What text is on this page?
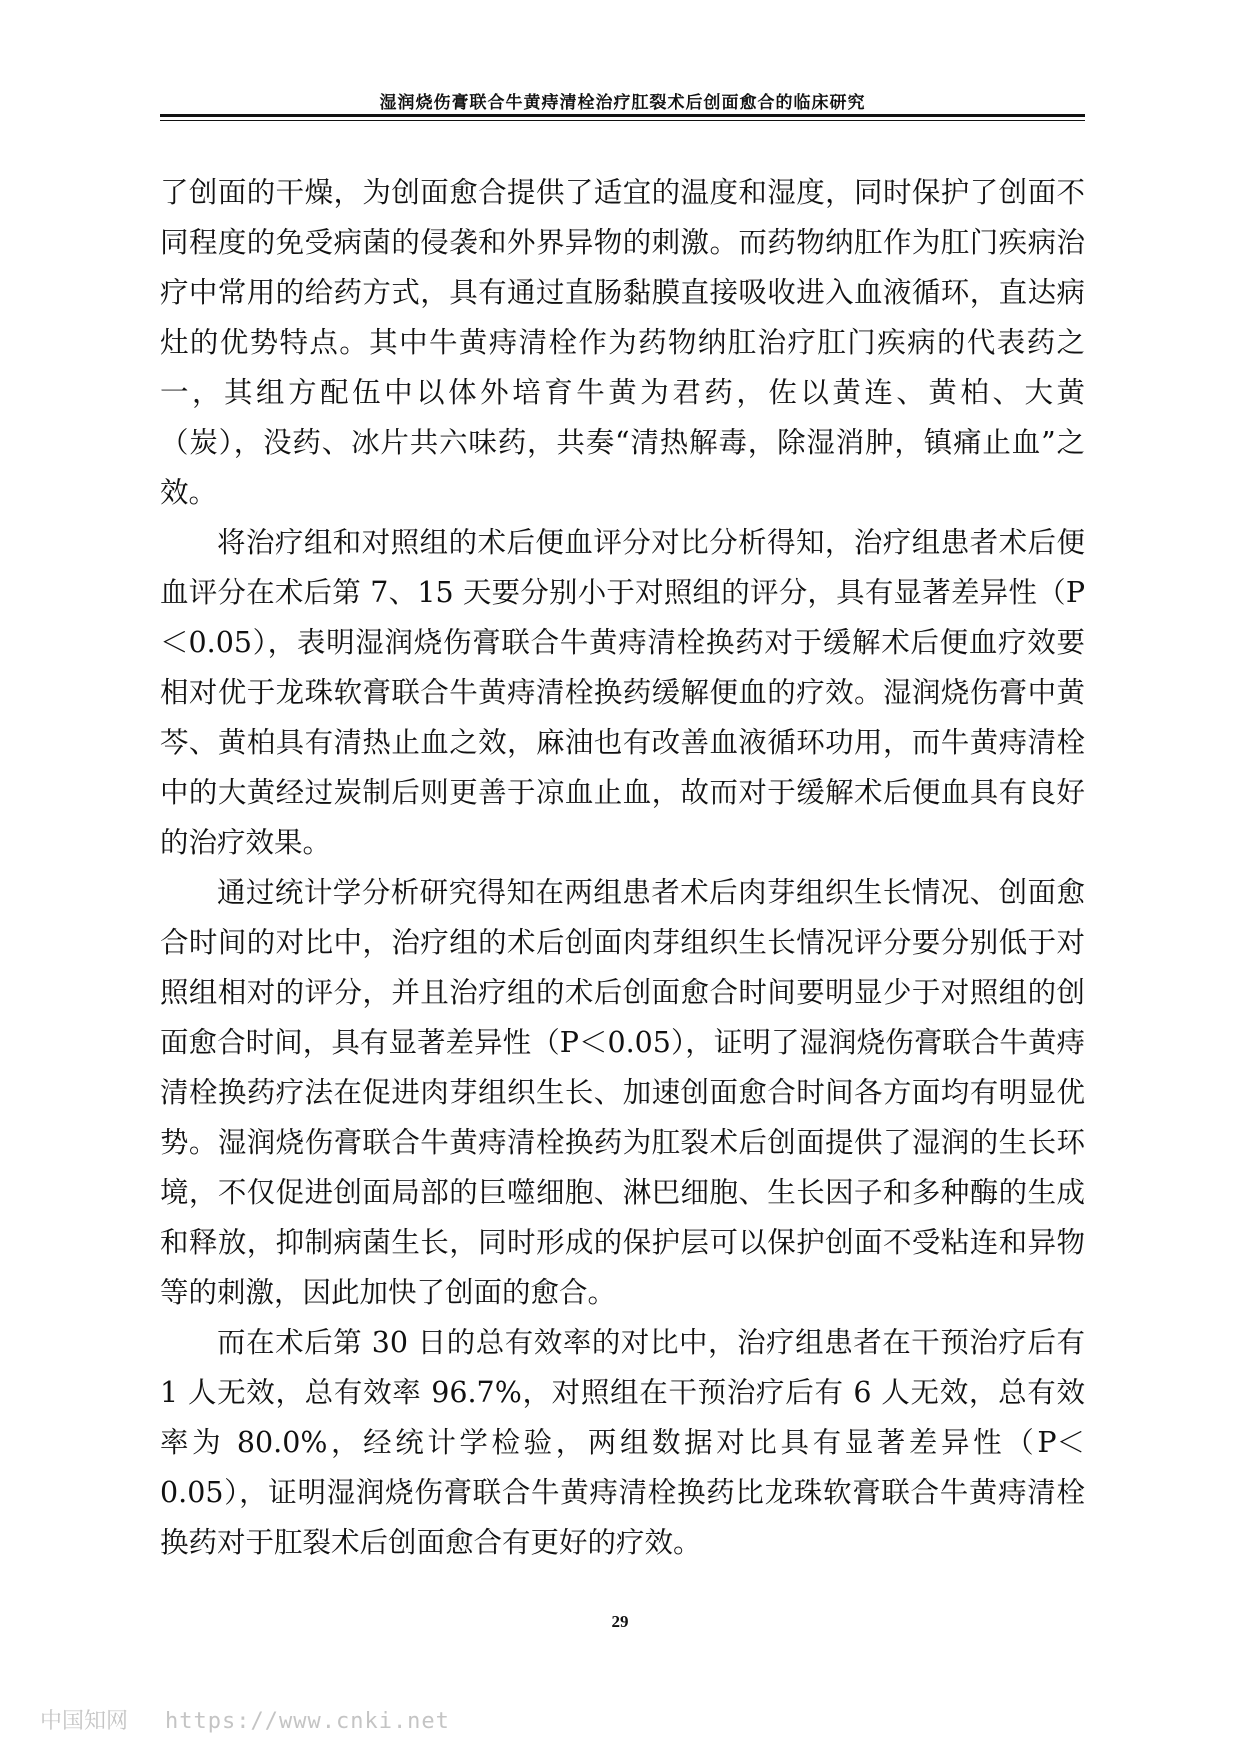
湿润烧伤膏联合牛黄痔清栓治疗肛裂术后创面愈合的临床研究

了创面的干燥，为创面愈合提供了适宜的温度和湿度，同时保护了创面不同程度的免受病菌的侵袭和外界异物的刺激。而药物纳肛作为肛门疾病治疗中常用的给药方式，具有通过直肠黏膜直接吸收进入血液循环，直达病灶的优势特点。其中牛黄痔清栓作为药物纳肛治疗肛门疾病的代表药之一，其组方配伍中以体外培育牛黄为君药，佐以黄连、黄柏、大黄（炭），没药、冰片共六味药，共奏“清热解毒，除湿消肿，镇痛止血”之效。

将治疗组和对照组的术后便血评分对比分析得知，治疗组患者术后便血评分在术后第 7、15 天要分别小于对照组的评分，具有显著差异性（P＜0.05），表明湿润烧伤膏联合牛黄痔清栓换药对于缓解术后便血疗效要相对优于龙珠软膏联合牛黄痔清栓换药缓解便血的疗效。湿润烧伤膏中黄芩、黄柏具有清热止血之效，麻油也有改善血液循环功用，而牛黄痔清栓中的大黄经过炭制后则更善于凉血止血，故而对于缓解术后便血具有良好的治疗效果。

通过统计学分析研究得知在两组患者术后肉芽组织生长情况、创面愈合时间的对比中，治疗组的术后创面肉芽组织生长情况评分要分别低于对照组相对的评分，并且治疗组的术后创面愈合时间要明显少于对照组的创面愈合时间，具有显著差异性（P＜0.05），证明了湿润烧伤膏联合牛黄痔清栓换药疗法在促进肉芽组织生长、加速创面愈合时间各方面均有明显优势。湿润烧伤膏联合牛黄痔清栓换药为肛裂术后创面提供了湿润的生长环境，不仅促进创面局部的巨噬细胞、淋巴细胞、生长因子和多种酶的生成和释放，抑制病菌生长，同时形成的保护层可以保护创面不受粘连和异物等的刺激，因此加快了创面的愈合。

而在术后第 30 日的总有效率的对比中，治疗组患者在干预治疗后有 1 人无效，总有效率 96.7%，对照组在干预治疗后有 6 人无效，总有效率为 80.0%，经统计学检验，两组数据对比具有显著差异性（P＜0.05），证明湿润烧伤膏联合牛黄痔清栓换药比龙珠软膏联合牛黄痔清栓换药对于肛裂术后创面愈合有更好的疗效。

29
中国知网 https://www.cnki.net
